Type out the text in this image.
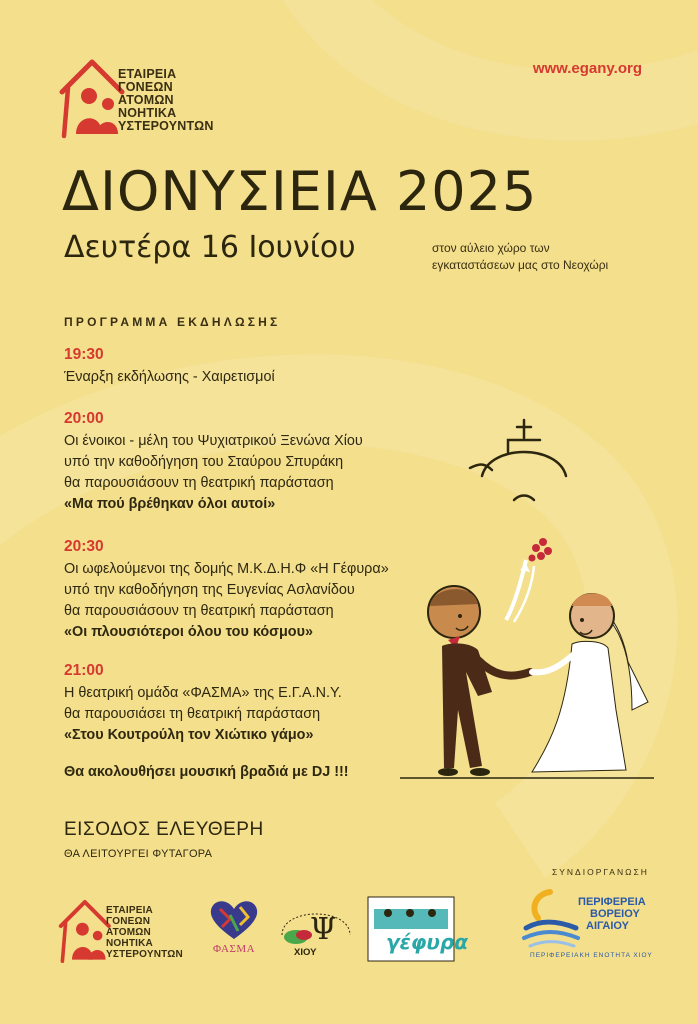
ΕΤΑΙΡΕΙΑ
ΓΟΝΕΩΝ
ΑΤΟΜΩΝ
ΝΟΗΤΙΚΑ
ΥΣΤΕΡΟΥΝΤΩΝ
www.egany.org
ΔΙΟΝΥΣΙΕΙΑ 2025
Δευτέρα 16 Ιουνίου	στον αύλειο χώρο των
εγκαταστάσεων μας στο Νεοχώρι
ΠΡΟΓΡΑΜΜΑ ΕΚΔΗΛΩΣΗΣ
19:30
Έναρξη εκδήλωσης - Χαιρετισμοί
20:00
Οι ένοικοι - μέλη του Ψυχιατρικού Ξενώνα Χίου
υπό την καθοδήγηση του Σταύρου Σπυράκη
θα παρουσιάσουν τη θεατρική παράσταση
«Μα πού βρέθηκαν όλοι αυτοί»
20:30
Οι ωφελούμενοι της δομής Μ.Κ.Δ.Η.Φ «Η Γέφυρα»
υπό την καθοδήγηση της Ευγενίας Ασλανίδου
θα παρουσιάσουν τη θεατρική παράσταση
«Οι πλουσιότεροι όλου του κόσμου»
21:00
Η θεατρική ομάδα «ΦΑΣΜΑ» της Ε.Γ.Α.Ν.Υ.
θα παρουσιάσει τη θεατρική παράσταση
«Στου Κουτρούλη τον Χιώτικο γάμο»
Θα ακολουθήσει μουσική βραδιά με DJ !!!
ΕΙΣΟΔΟΣ ΕΛΕΥΘΕΡΗ
ΘΑ ΛΕΙΤΟΥΡΓΕΙ ΦΥΤΑΓΟΡΑ
ΣΥΝΔΙΟΡΓΑΝΩΣΗ
ΕΤΑΙΡΕΙΑ
ΓΟΝΕΩΝ
ΑΤΟΜΩΝ
ΝΟΗΤΙΚΑ
ΥΣΤΕΡΟΥΝΤΩΝ	ΦΑΣΜΑ
Ψ
ΧΙΟΥ	γέφυρα
ΠΕΡΙΦΕΡΕΙΑ
ΒΟΡΕΙΟΥ
ΑΙΓΑΙΟΥ
ΠΕΡΙΦΕΡΕΙΑΚΗ ΕΝΟΤΗΤΑ ΧΙΟΥ
